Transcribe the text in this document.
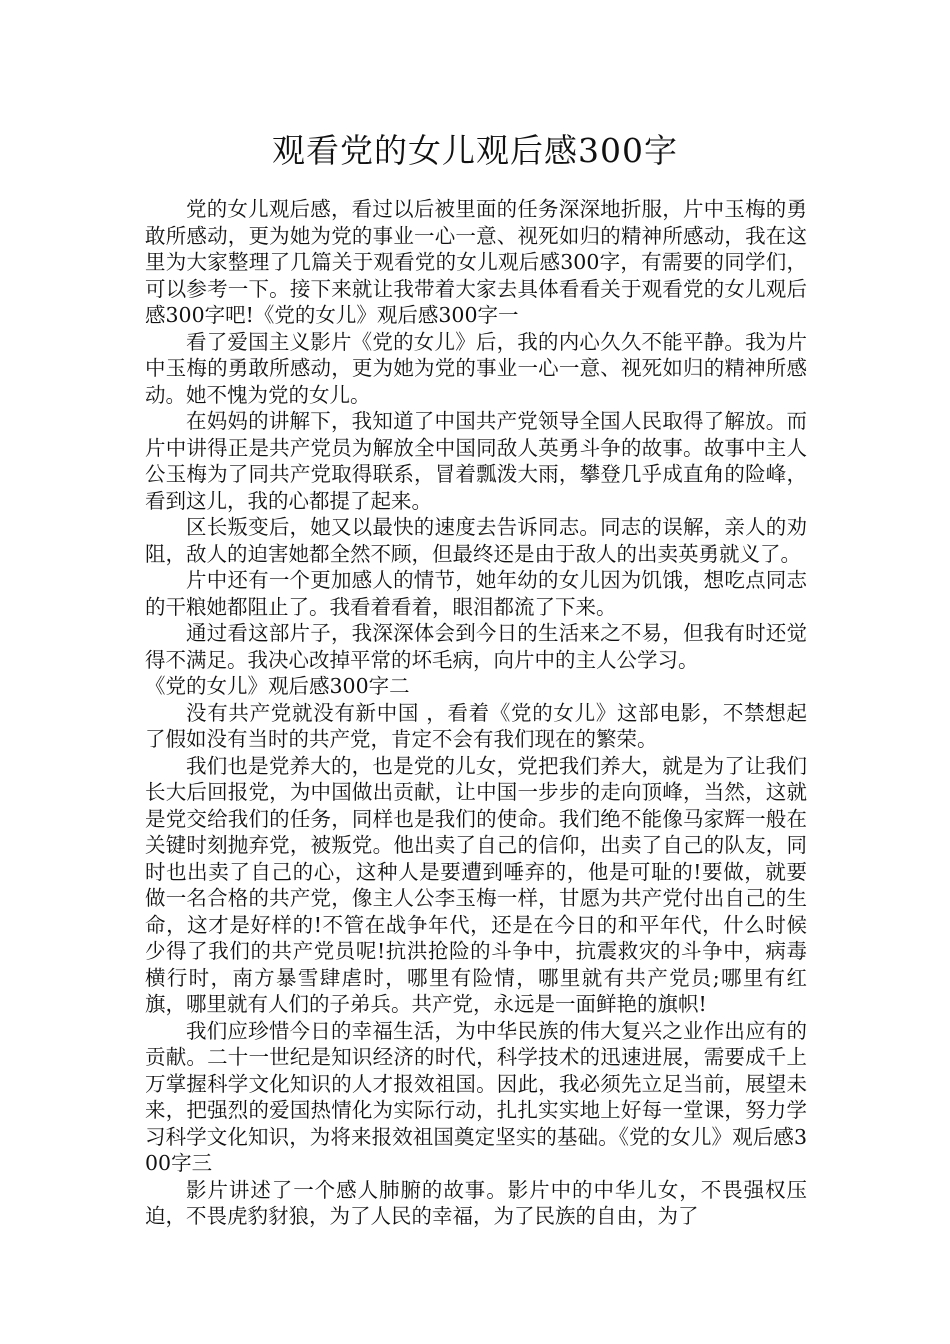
观看党的女儿观后感300字

党的女儿观后感，看过以后被里面的任务深深地折服，片中玉梅的勇敢所感动，更为她为党的事业一心一意、视死如归的精神所感动，我在这里为大家整理了几篇关于观看党的女儿观后感300字，有需要的同学们，可以参考一下。接下来就让我带着大家去具体看看关于观看党的女儿观后感300字吧!《党的女儿》观后感300字一

看了爱国主义影片《党的女儿》后，我的内心久久不能平静。我为片中玉梅的勇敢所感动，更为她为党的事业一心一意、视死如归的精神所感动。她不愧为党的女儿。

在妈妈的讲解下，我知道了中国共产党领导全国人民取得了解放。而片中讲得正是共产党员为解放全中国同敌人英勇斗争的故事。故事中主人公玉梅为了同共产党取得联系，冒着瓢泼大雨，攀登几乎成直角的险峰，看到这儿，我的心都提了起来。

区长叛变后，她又以最快的速度去告诉同志。同志的误解，亲人的劝阻，敌人的迫害她都全然不顾，但最终还是由于敌人的出卖英勇就义了。

片中还有一个更加感人的情节，她年幼的女儿因为饥饿，想吃点同志的干粮她都阻止了。我看着看着，眼泪都流了下来。

通过看这部片子，我深深体会到今日的生活来之不易，但我有时还觉得不满足。我决心改掉平常的坏毛病，向片中的主人公学习。

《党的女儿》观后感300字二

没有共产党就没有新中国 ，看着《党的女儿》这部电影，不禁想起了假如没有当时的共产党，肯定不会有我们现在的繁荣。

我们也是党养大的，也是党的儿女，党把我们养大，就是为了让我们长大后回报党，为中国做出贡献，让中国一步步的走向顶峰，当然，这就是党交给我们的任务，同样也是我们的使命。我们绝不能像马家辉一般在关键时刻抛弃党，被叛党。他出卖了自己的信仰，出卖了自己的队友，同时也出卖了自己的心，这种人是要遭到唾弃的，他是可耻的!要做，就要做一名合格的共产党，像主人公李玉梅一样，甘愿为共产党付出自己的生命，这才是好样的!不管在战争年代，还是在今日的和平年代，什么时候少得了我们的共产党员呢!抗洪抢险的斗争中，抗震救灾的斗争中，病毒横行时，南方暴雪肆虐时，哪里有险情，哪里就有共产党员;哪里有红旗，哪里就有人们的子弟兵。共产党，永远是一面鲜艳的旗帜!

我们应珍惜今日的幸福生活，为中华民族的伟大复兴之业作出应有的贡献。二十一世纪是知识经济的时代，科学技术的迅速进展，需要成千上万掌握科学文化知识的人才报效祖国。因此，我必须先立足当前，展望未来，把强烈的爱国热情化为实际行动，扎扎实实地上好每一堂课，努力学习科学文化知识，为将来报效祖国奠定坚实的基础。《党的女儿》观后感300字三

影片讲述了一个感人肺腑的故事。影片中的中华儿女，不畏强权压迫，不畏虎豹豺狼，为了人民的幸福，为了民族的自由，为了
